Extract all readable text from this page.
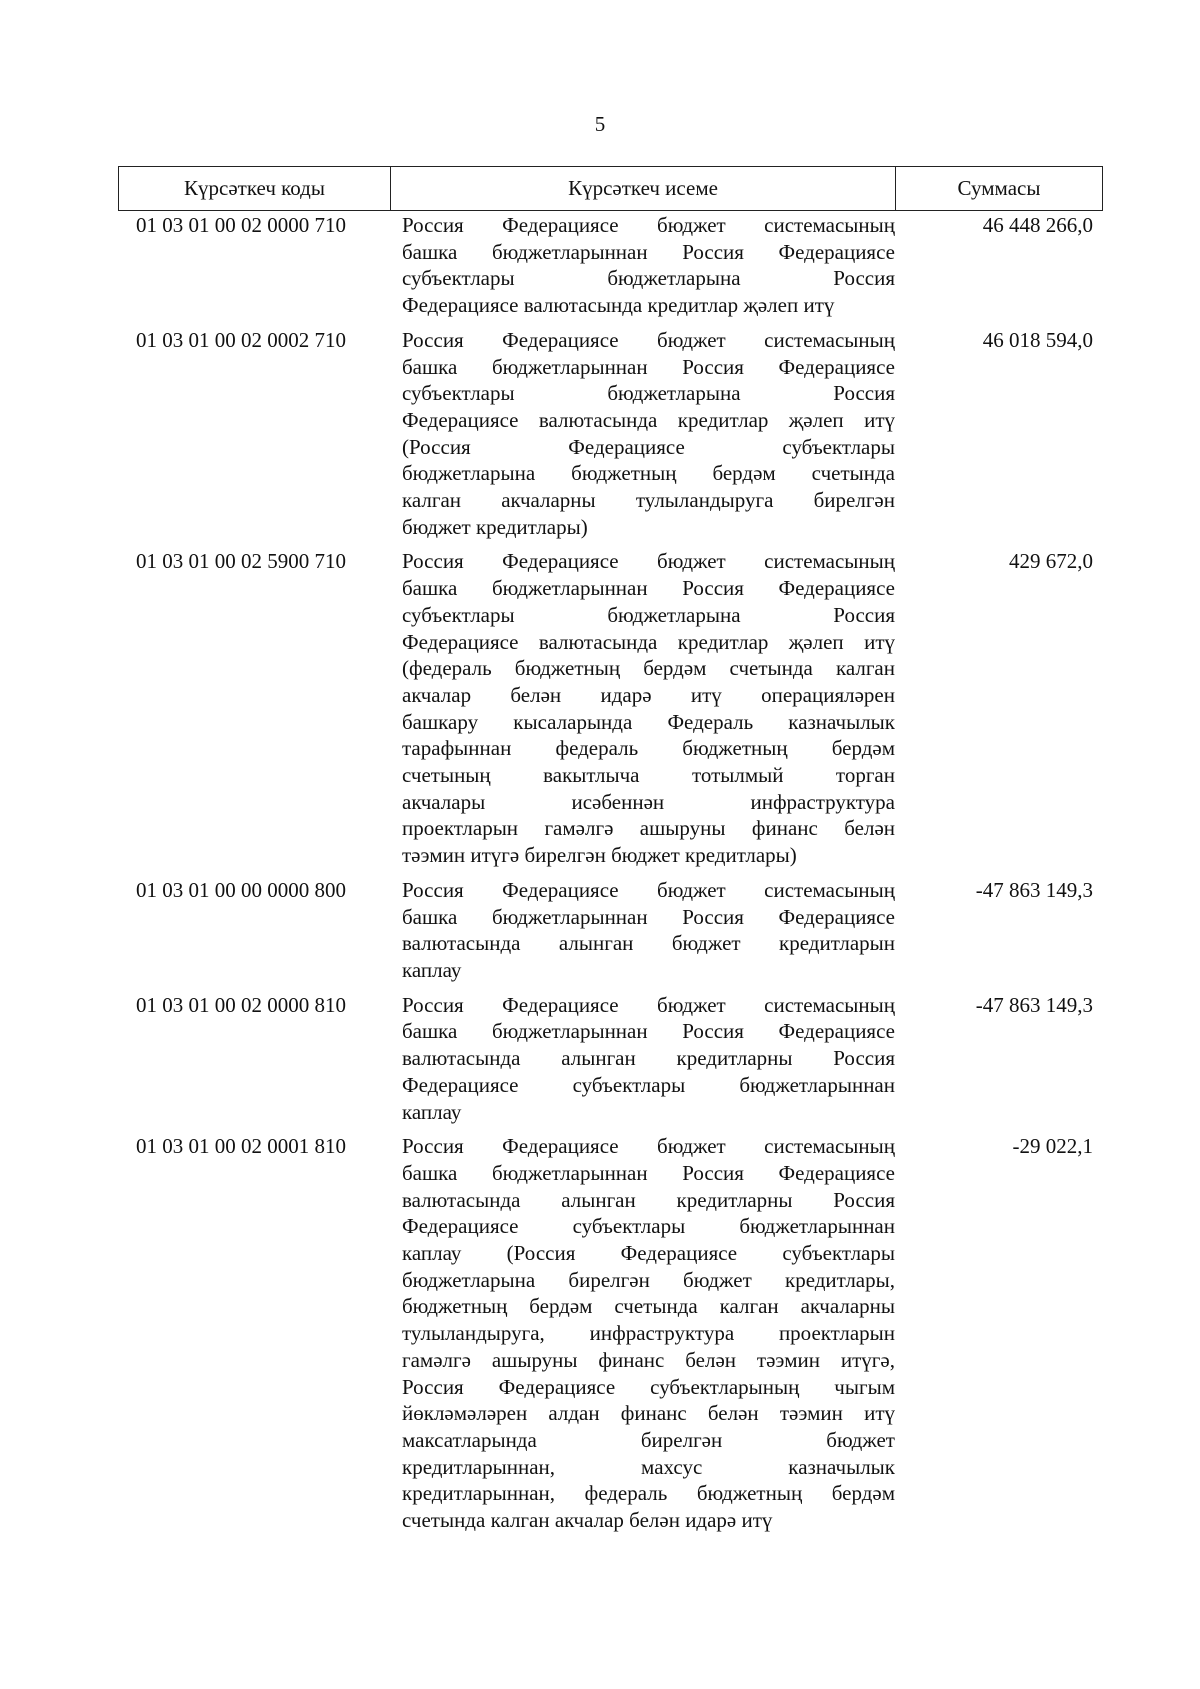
5
Күрсәткеч коды	Күрсәткеч исеме	Суммасы
01 03 01 00 02 0000 710	Россия Федерациясе бюджет системасының
башка бюджетларыннан Россия Федерациясе
субъектлары бюджетларына Россия
Федерациясе валютасында кредитлар җәлеп итү
46 448 266,0
01 03 01 00 02 0002 710	Россия Федерациясе бюджет системасының
башка бюджетларыннан Россия Федерациясе
субъектлары бюджетларына Россия
Федерациясе валютасында кредитлар җәлеп итү
(Россия Федерациясе субъектлары
бюджетларына бюджетның бердәм счетында
калган акчаларны тулыландыруга бирелгән
бюджет кредитлары)
46 018 594,0
01 03 01 00 02 5900 710	Россия Федерациясе бюджет системасының
башка бюджетларыннан Россия Федерациясе
субъектлары бюджетларына Россия
Федерациясе валютасында кредитлар җәлеп итү
(федераль бюджетның бердәм счетында калган
акчалар белән идарә итү операцияләрен
башкару кысаларында Федераль казначылык
тарафыннан федераль бюджетның бердәм
счетының вакытлыча тотылмый торган
акчалары исәбеннән инфраструктура
проектларын гамәлгә ашыруны финанс белән
тәэмин итүгә бирелгән бюджет кредитлары)
429 672,0
01 03 01 00 00 0000 800	Россия Федерациясе бюджет системасының
башка бюджетларыннан Россия Федерациясе
валютасында алынган бюджет кредитларын
каплау
-47 863 149,3
01 03 01 00 02 0000 810	Россия Федерациясе бюджет системасының
башка бюджетларыннан Россия Федерациясе
валютасында алынган кредитларны Россия
Федерациясе субъектлары бюджетларыннан
каплау
-47 863 149,3
01 03 01 00 02 0001 810	Россия Федерациясе бюджет системасының
башка бюджетларыннан Россия Федерациясе
валютасында алынган кредитларны Россия
Федерациясе субъектлары бюджетларыннан
каплау (Россия Федерациясе субъектлары
бюджетларына бирелгән бюджет кредитлары,
бюджетның бердәм счетында калган акчаларны
тулыландыруга, инфраструктура проектларын
гамәлгә ашыруны финанс белән тәэмин итүгә,
Россия Федерациясе субъектларының чыгым
йөкләмәләрен алдан финанс белән тәэмин итү
максатларында бирелгән бюджет
кредитларыннан, махсус казначылык
кредитларыннан, федераль бюджетның бердәм
счетында калган акчалар белән идарә итү
-29 022,1
